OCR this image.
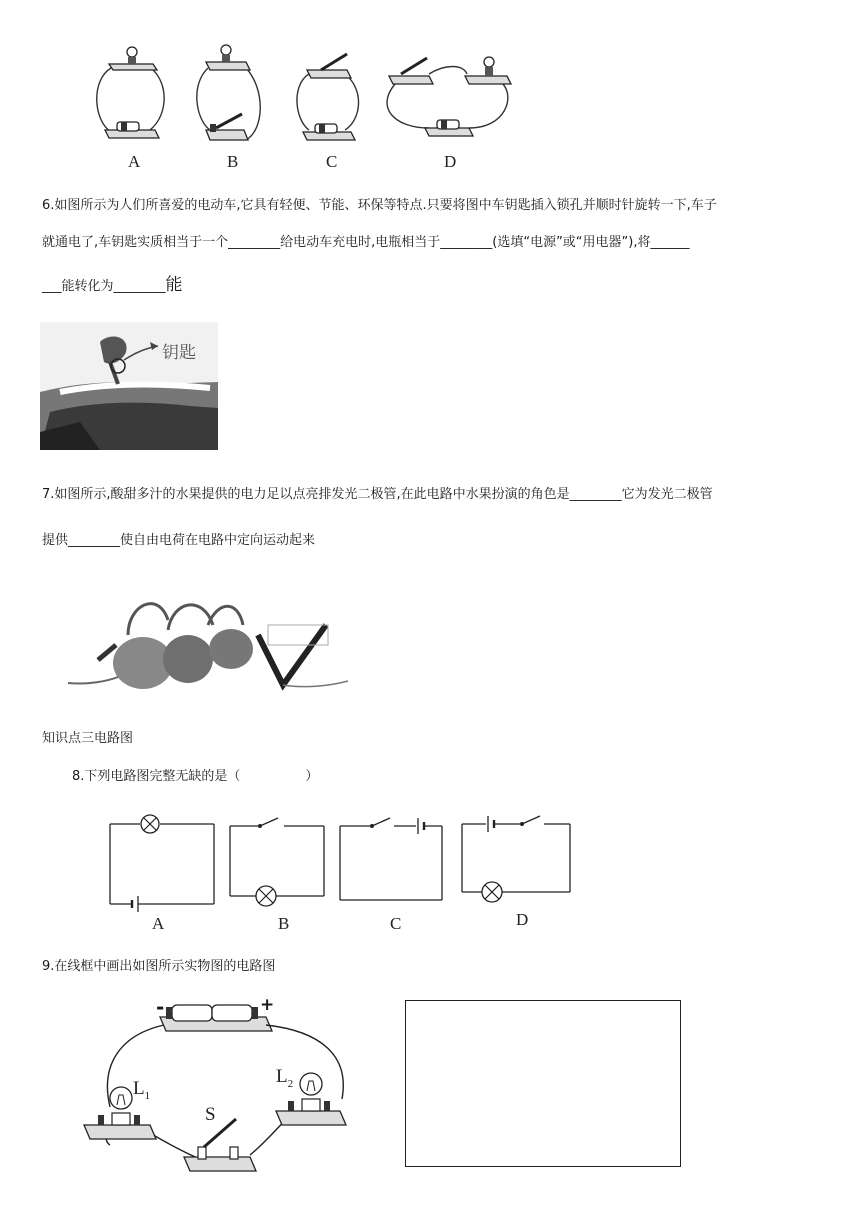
A	B	C	D
6.如图所示为人们所喜爱的电动车,它具有轻便、节能、环保等特点.只要将图中车钥匙插入锁孔并顺时针旋转一下,车子
就通电了,车钥匙实质相当于一个________给电动车充电时,电瓶相当于________(选填“电源”或“用电器”),将______
___能转化为________能
钥匙
7.如图所示,酸甜多汁的水果提供的电力足以点亮排发光二极管,在此电路中水果扮演的角色是________它为发光二极管
提供________使自由电荷在电路中定向运动起来
知识点三电路图
8.下列电路图完整无缺的是（　　　　　）
A	B	C	D
9.在线框中画出如图所示实物图的电路图
-	+
$L_1$
$L_2$
S
